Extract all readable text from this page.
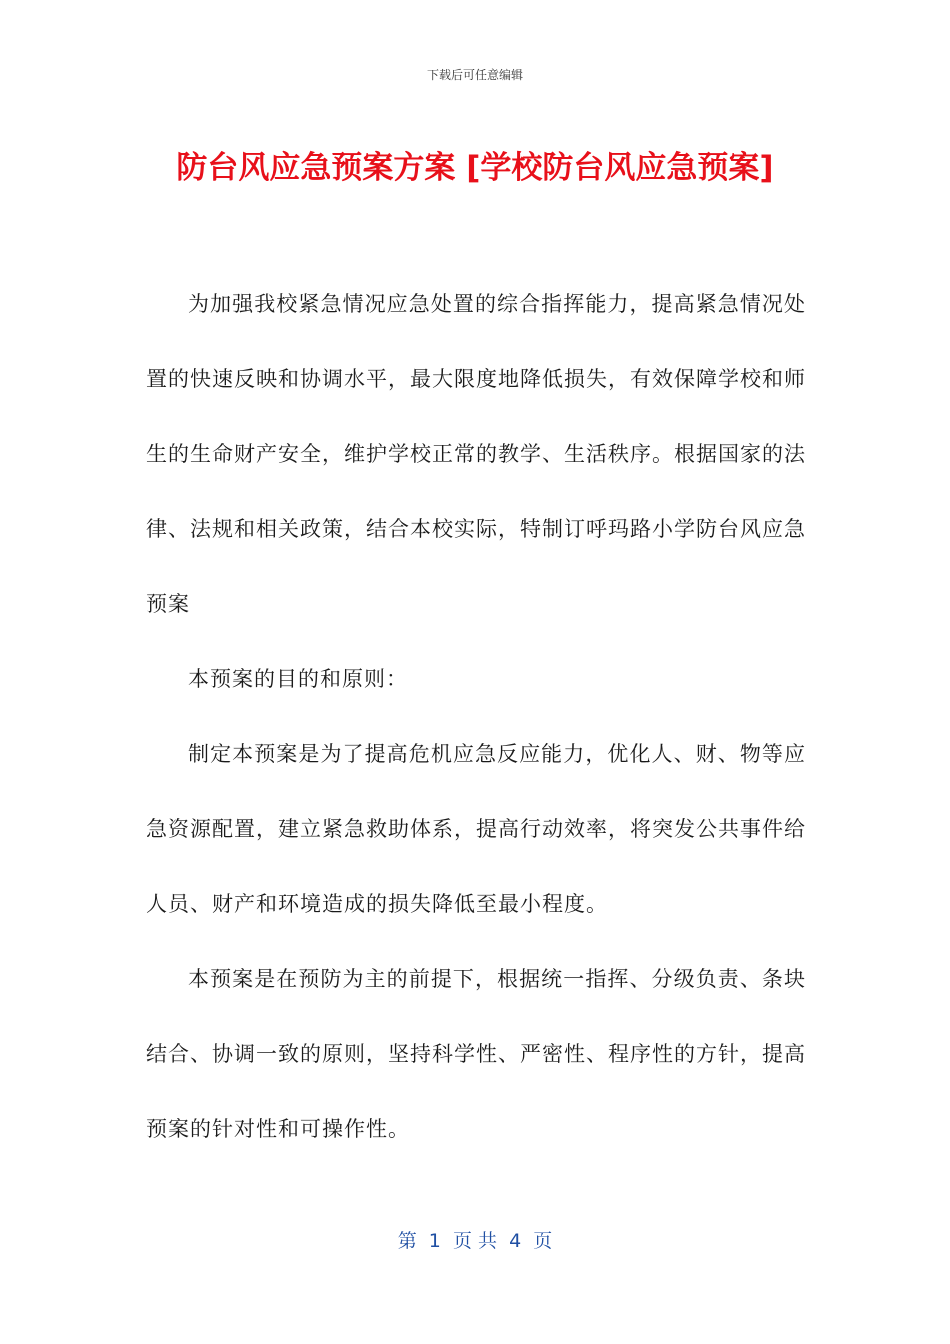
下载后可任意编辑
防台风应急预案方案 [学校防台风应急预案]

为加强我校紧急情况应急处置的综合指挥能力，提高紧急情况处置的快速反映和协调水平，最大限度地降低损失，有效保障学校和师生的生命财产安全，维护学校正常的教学、生活秩序。根据国家的法律、法规和相关政策，结合本校实际，特制订呼玛路小学防台风应急预案

本预案的目的和原则：

制定本预案是为了提高危机应急反应能力，优化人、财、物等应急资源配置，建立紧急救助体系，提高行动效率，将突发公共事件给人员、财产和环境造成的损失降低至最小程度。

本预案是在预防为主的前提下，根据统一指挥、分级负责、条块结合、协调一致的原则，坚持科学性、严密性、程序性的方针，提高预案的针对性和可操作性。

第  1  页 共  4  页
